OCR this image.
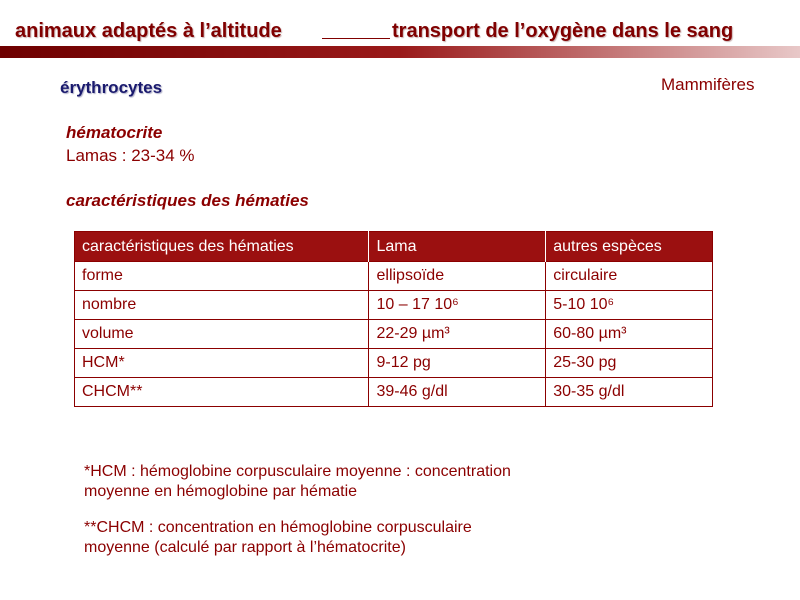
animaux adaptés à l’altitude	transport de l’oxygène dans le sang
érythrocytes	Mammifères
hématocrite
Lamas : 23-34 %
caractéristiques des hématies
caractéristiques des hématies	Lama	autres espèces
forme	ellipsoïde	circulaire
nombre	10 – 17 10⁶	5-10 10⁶
volume	22-29 µm³	60-80 µm³
HCM*	9-12 pg	25-30 pg
CHCM**	39-46 g/dl	30-35 g/dl
*HCM : hémoglobine corpusculaire moyenne : concentration
moyenne en hémoglobine par hématie
**CHCM : concentration en hémoglobine corpusculaire
moyenne (calculé par rapport à l’hématocrite)
